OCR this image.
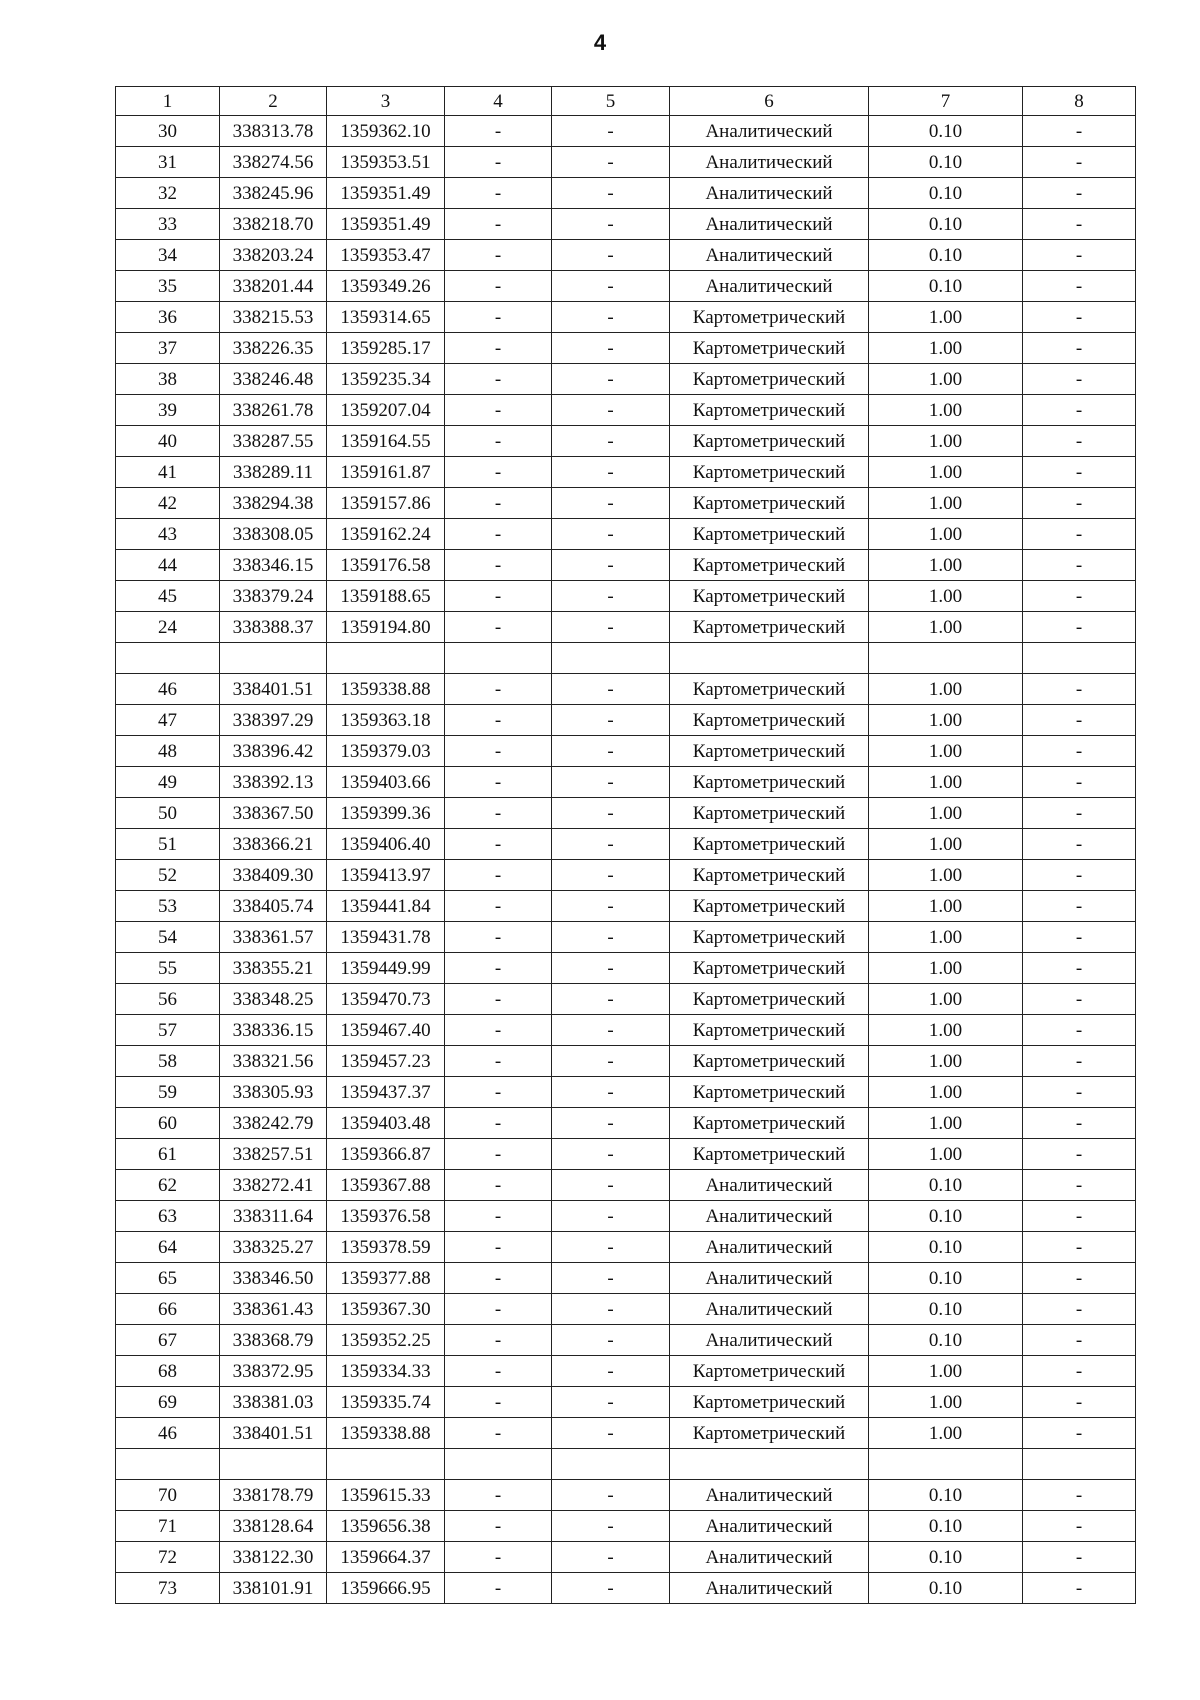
4
1	2	3	4	5	6	7	8
30	338313.78	1359362.10	-	-	Аналитический	0.10	-
31	338274.56	1359353.51	-	-	Аналитический	0.10	-
32	338245.96	1359351.49	-	-	Аналитический	0.10	-
33	338218.70	1359351.49	-	-	Аналитический	0.10	-
34	338203.24	1359353.47	-	-	Аналитический	0.10	-
35	338201.44	1359349.26	-	-	Аналитический	0.10	-
36	338215.53	1359314.65	-	-	Картометрический	1.00	-
37	338226.35	1359285.17	-	-	Картометрический	1.00	-
38	338246.48	1359235.34	-	-	Картометрический	1.00	-
39	338261.78	1359207.04	-	-	Картометрический	1.00	-
40	338287.55	1359164.55	-	-	Картометрический	1.00	-
41	338289.11	1359161.87	-	-	Картометрический	1.00	-
42	338294.38	1359157.86	-	-	Картометрический	1.00	-
43	338308.05	1359162.24	-	-	Картометрический	1.00	-
44	338346.15	1359176.58	-	-	Картометрический	1.00	-
45	338379.24	1359188.65	-	-	Картометрический	1.00	-
24	338388.37	1359194.80	-	-	Картометрический	1.00	-

46	338401.51	1359338.88	-	-	Картометрический	1.00	-
47	338397.29	1359363.18	-	-	Картометрический	1.00	-
48	338396.42	1359379.03	-	-	Картометрический	1.00	-
49	338392.13	1359403.66	-	-	Картометрический	1.00	-
50	338367.50	1359399.36	-	-	Картометрический	1.00	-
51	338366.21	1359406.40	-	-	Картометрический	1.00	-
52	338409.30	1359413.97	-	-	Картометрический	1.00	-
53	338405.74	1359441.84	-	-	Картометрический	1.00	-
54	338361.57	1359431.78	-	-	Картометрический	1.00	-
55	338355.21	1359449.99	-	-	Картометрический	1.00	-
56	338348.25	1359470.73	-	-	Картометрический	1.00	-
57	338336.15	1359467.40	-	-	Картометрический	1.00	-
58	338321.56	1359457.23	-	-	Картометрический	1.00	-
59	338305.93	1359437.37	-	-	Картометрический	1.00	-
60	338242.79	1359403.48	-	-	Картометрический	1.00	-
61	338257.51	1359366.87	-	-	Картометрический	1.00	-
62	338272.41	1359367.88	-	-	Аналитический	0.10	-
63	338311.64	1359376.58	-	-	Аналитический	0.10	-
64	338325.27	1359378.59	-	-	Аналитический	0.10	-
65	338346.50	1359377.88	-	-	Аналитический	0.10	-
66	338361.43	1359367.30	-	-	Аналитический	0.10	-
67	338368.79	1359352.25	-	-	Аналитический	0.10	-
68	338372.95	1359334.33	-	-	Картометрический	1.00	-
69	338381.03	1359335.74	-	-	Картометрический	1.00	-
46	338401.51	1359338.88	-	-	Картометрический	1.00	-

70	338178.79	1359615.33	-	-	Аналитический	0.10	-
71	338128.64	1359656.38	-	-	Аналитический	0.10	-
72	338122.30	1359664.37	-	-	Аналитический	0.10	-
73	338101.91	1359666.95	-	-	Аналитический	0.10	-
